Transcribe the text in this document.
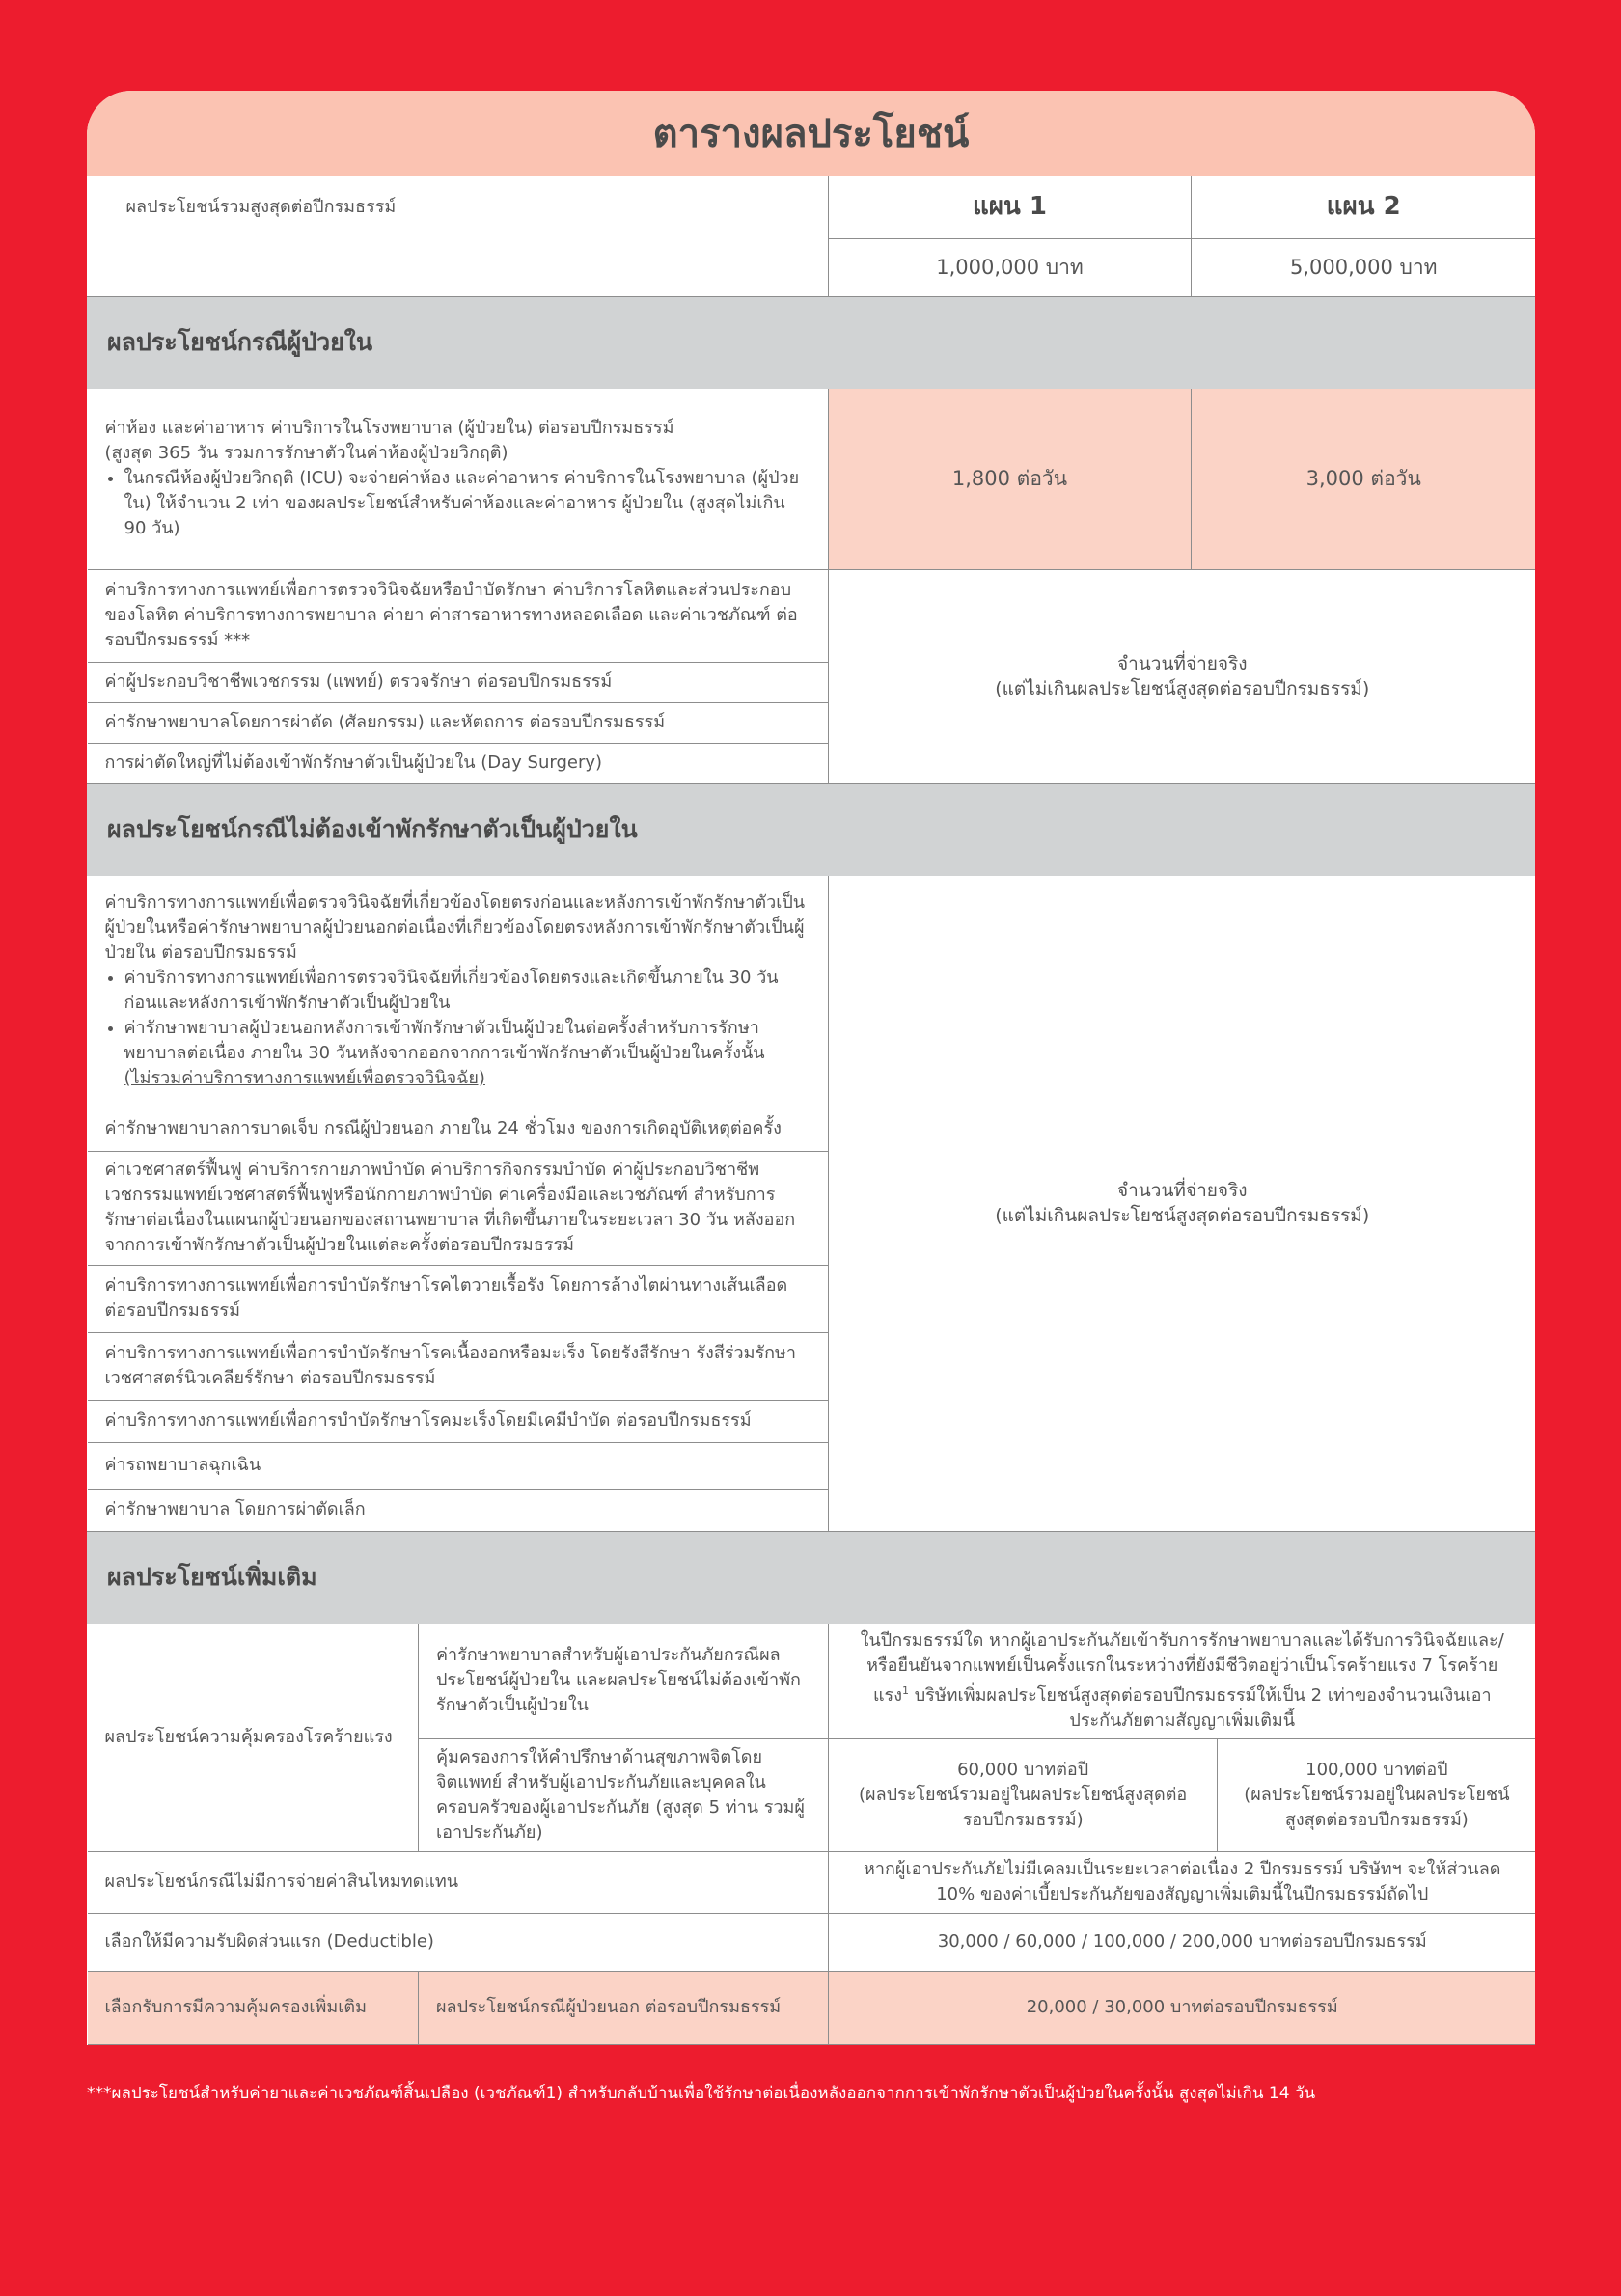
ตารางผลประโยชน์
ผลประโยชน์รวมสูงสุดต่อปีกรมธรรม์	แผน 1	แผน 2
1,000,000 บาท	5,000,000 บาท
ผลประโยชน์กรณีผู้ป่วยใน

ค่าห้อง และค่าอาหาร ค่าบริการในโรงพยาบาล (ผู้ป่วยใน) ต่อรอบปีกรมธรรม์
(สูงสุด 365 วัน รวมการรักษาตัวในค่าห้องผู้ป่วยวิกฤติ)
• ในกรณีห้องผู้ป่วยวิกฤติ (ICU) จะจ่ายค่าห้อง และค่าอาหาร ค่าบริการในโรงพยาบาล (ผู้ป่วยใน) ให้จำนวน 2 เท่า ของผลประโยชน์สำหรับค่าห้องและค่าอาหาร ผู้ป่วยใน (สูงสุดไม่เกิน 90 วัน)
	1,800 ต่อวัน	3,000 ต่อวัน
ค่าบริการทางการแพทย์เพื่อการตรวจวินิจฉัยหรือบำบัดรักษา ค่าบริการโลหิตและส่วนประกอบของโลหิต ค่าบริการทางการพยาบาล ค่ายา ค่าสารอาหารทางหลอดเลือด และค่าเวชภัณฑ์ ต่อรอบปีกรมธรรม์ ***	
จำนวนที่จ่ายจริง
(แต่ไม่เกินผลประโยชน์สูงสุดต่อรอบปีกรมธรรม์)

ค่าผู้ประกอบวิชาชีพเวชกรรม (แพทย์) ตรวจรักษา ต่อรอบปีกรมธรรม์
ค่ารักษาพยาบาลโดยการผ่าตัด (ศัลยกรรม) และหัตถการ ต่อรอบปีกรมธรรม์
การผ่าตัดใหญ่ที่ไม่ต้องเข้าพักรักษาตัวเป็นผู้ป่วยใน (Day Surgery)
ผลประโยชน์กรณีไม่ต้องเข้าพักรักษาตัวเป็นผู้ป่วยใน

ค่าบริการทางการแพทย์เพื่อตรวจวินิจฉัยที่เกี่ยวข้องโดยตรงก่อนและหลังการเข้าพักรักษาตัวเป็นผู้ป่วยในหรือค่ารักษาพยาบาลผู้ป่วยนอกต่อเนื่องที่เกี่ยวข้องโดยตรงหลังการเข้าพักรักษาตัวเป็นผู้ป่วยใน ต่อรอบปีกรมธรรม์
• ค่าบริการทางการแพทย์เพื่อการตรวจวินิจฉัยที่เกี่ยวข้องโดยตรงและเกิดขึ้นภายใน 30 วัน ก่อนและหลังการเข้าพักรักษาตัวเป็นผู้ป่วยใน
• ค่ารักษาพยาบาลผู้ป่วยนอกหลังการเข้าพักรักษาตัวเป็นผู้ป่วยในต่อครั้งสำหรับการรักษาพยาบาลต่อเนื่อง ภายใน 30 วันหลังจากออกจากการเข้าพักรักษาตัวเป็นผู้ป่วยในครั้งนั้น
(ไม่รวมค่าบริการทางการแพทย์เพื่อตรวจวินิจฉัย)

จำนวนที่จ่ายจริง
(แต่ไม่เกินผลประโยชน์สูงสุดต่อรอบปีกรมธรรม์)

ค่ารักษาพยาบาลการบาดเจ็บ กรณีผู้ป่วยนอก ภายใน 24 ชั่วโมง ของการเกิดอุบัติเหตุต่อครั้ง
ค่าเวชศาสตร์ฟื้นฟู ค่าบริการกายภาพบำบัด ค่าบริการกิจกรรมบำบัด ค่าผู้ประกอบวิชาชีพเวชกรรมแพทย์เวชศาสตร์ฟื้นฟูหรือนักกายภาพบำบัด ค่าเครื่องมือและเวชภัณฑ์ สำหรับการรักษาต่อเนื่องในแผนกผู้ป่วยนอกของสถานพยาบาล ที่เกิดขึ้นภายในระยะเวลา 30 วัน หลังออกจากการเข้าพักรักษาตัวเป็นผู้ป่วยในแต่ละครั้งต่อรอบปีกรมธรรม์
ค่าบริการทางการแพทย์เพื่อการบำบัดรักษาโรคไตวายเรื้อรัง โดยการล้างไตผ่านทางเส้นเลือด ต่อรอบปีกรมธรรม์
ค่าบริการทางการแพทย์เพื่อการบำบัดรักษาโรคเนื้องอกหรือมะเร็ง โดยรังสีรักษา รังสีร่วมรักษา เวชศาสตร์นิวเคลียร์รักษา ต่อรอบปีกรมธรรม์
ค่าบริการทางการแพทย์เพื่อการบำบัดรักษาโรคมะเร็งโดยมีเคมีบำบัด ต่อรอบปีกรมธรรม์
ค่ารถพยาบาลฉุกเฉิน
ค่ารักษาพยาบาล โดยการผ่าตัดเล็ก
ผลประโยชน์เพิ่มเติม
ผลประโยชน์ความคุ้มครองโรคร้ายแรง	ค่ารักษาพยาบาลสำหรับผู้เอาประกันภัยกรณีผลประโยชน์ผู้ป่วยใน และผลประโยชน์ไม่ต้องเข้าพักรักษาตัวเป็นผู้ป่วยใน	ในปีกรมธรรม์ใด หากผู้เอาประกันภัยเข้ารับการรักษาพยาบาลและได้รับการวินิจฉัยและ/หรือยืนยันจากแพทย์เป็นครั้งแรกในระหว่างที่ยังมีชีวิตอยู่ว่าเป็นโรคร้ายแรง 7 โรคร้ายแรง$^1$ บริษัทเพิ่มผลประโยชน์สูงสุดต่อรอบปีกรมธรรม์ให้เป็น 2 เท่าของจำนวนเงินเอาประกันภัยตามสัญญาเพิ่มเติมนี้
คุ้มครองการให้คำปรึกษาด้านสุขภาพจิตโดยจิตแพทย์ สำหรับผู้เอาประกันภัยและบุคคลในครอบครัวของผู้เอาประกันภัย (สูงสุด 5 ท่าน รวมผู้เอาประกันภัย)	
60,000 บาทต่อปี
(ผลประโยชน์รวมอยู่ในผลประโยชน์สูงสุดต่อรอบปีกรมธรรม์)

100,000 บาทต่อปี
(ผลประโยชน์รวมอยู่ในผลประโยชน์สูงสุดต่อรอบปีกรมธรรม์)

ผลประโยชน์กรณีไม่มีการจ่ายค่าสินไหมทดแทน	หากผู้เอาประกันภัยไม่มีเคลมเป็นระยะเวลาต่อเนื่อง 2 ปีกรมธรรม์ บริษัทฯ จะให้ส่วนลด 10% ของค่าเบี้ยประกันภัยของสัญญาเพิ่มเติมนี้ในปีกรมธรรม์ถัดไป
เลือกให้มีความรับผิดส่วนแรก (Deductible)	30,000 / 60,000 / 100,000 / 200,000 บาทต่อรอบปีกรมธรรม์
เลือกรับการมีความคุ้มครองเพิ่มเติม	ผลประโยชน์กรณีผู้ป่วยนอก ต่อรอบปีกรมธรรม์	20,000 / 30,000 บาทต่อรอบปีกรมธรรม์
***ผลประโยชน์สำหรับค่ายาและค่าเวชภัณฑ์สิ้นเปลือง (เวชภัณฑ์1) สำหรับกลับบ้านเพื่อใช้รักษาต่อเนื่องหลังออกจากการเข้าพักรักษาตัวเป็นผู้ป่วยในครั้งนั้น สูงสุดไม่เกิน 14 วัน
